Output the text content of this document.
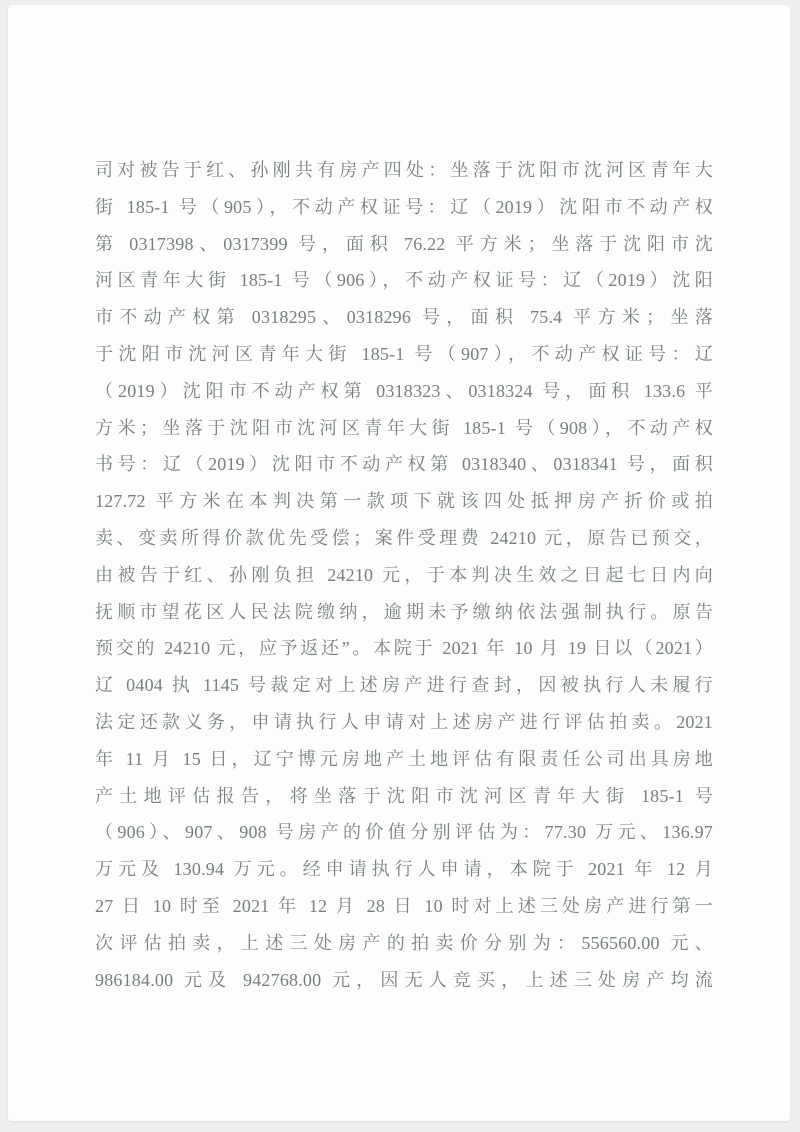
司对被告于红、孙刚共有房产四处：坐落于沈阳市沈河区青年大
街 185-1 号（905），不动产权证号：辽（2019）沈阳市不动产权
第 0317398、0317399 号，面积 76.22 平方米；坐落于沈阳市沈
河区青年大街 185-1 号（906），不动产权证号：辽（2019）沈阳
市不动产权第 0318295、0318296 号，面积 75.4 平方米；坐落
于沈阳市沈河区青年大街 185-1 号（907），不动产权证号：辽
（2019）沈阳市不动产权第 0318323、0318324 号，面积 133.6 平
方米；坐落于沈阳市沈河区青年大街 185-1 号（908），不动产权
书号：辽（2019）沈阳市不动产权第 0318340、0318341 号，面积
127.72 平方米在本判决第一款项下就该四处抵押房产折价或拍
卖、变卖所得价款优先受偿；案件受理费 24210 元，原告已预交，
由被告于红、孙刚负担 24210 元，于本判决生效之日起七日内向
抚顺市望花区人民法院缴纳，逾期未予缴纳依法强制执行。原告
预交的 24210 元，应予返还”。本院于 2021 年 10 月 19 日以（2021）
辽 0404 执 1145 号裁定对上述房产进行查封，因被执行人未履行
法定还款义务，申请执行人申请对上述房产进行评估拍卖。2021
年 11 月 15 日，辽宁博元房地产土地评估有限责任公司出具房地
产土地评估报告，将坐落于沈阳市沈河区青年大街 185-1 号
（906）、907、908 号房产的价值分别评估为：77.30 万元、136.97
万元及 130.94 万元。经申请执行人申请，本院于 2021 年 12 月
27 日 10 时至 2021 年 12 月 28 日 10 时对上述三处房产进行第一
次评估拍卖，上述三处房产的拍卖价分别为：556560.00 元、
986184.00 元及 942768.00 元，因无人竞买，上述三处房产均流
